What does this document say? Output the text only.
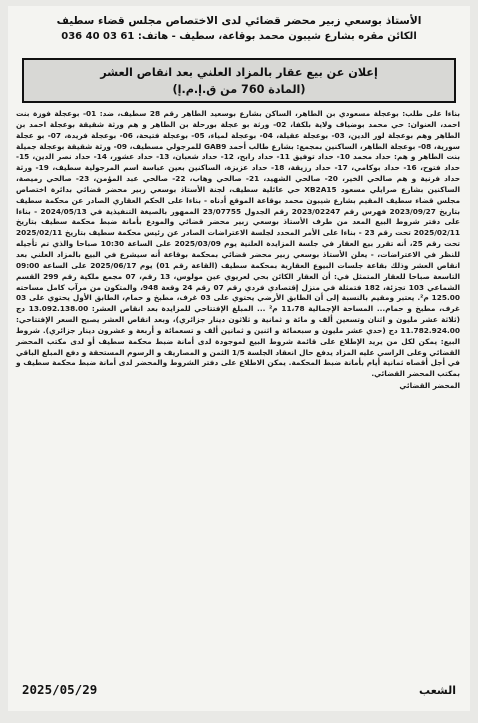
الأستاذ بوسعي زبير محضر قضائي لدى الاختصاص مجلس قضاء سطيف
الكائن مقره بشارع شيبون محمد بوقاعة، سطيف - هاتف: 61 03 40 036
إعلان عن بيع عقار بالمزاد العلني بعد انقاص العشر
(المادة 760 من ق.إ.م.إ)

بناءا على طلب: بوعجلة مسعودي بن الطاهر، الساكن بشارع بوسعيد الطاهر رقم 28 سطيف، ضد: 01- بوعجلة فوزة بنت احمد، العنوان: حي محمد بوضياف ولاية بلكفا، 02- ورثة بو عجلة بورحلة بن الطاهر و هم ورثة شقيقة بوعجلة احمد بن الطاهر وهم بوعجلة لور الدين، 03- بوعجلة عقيلة، 04- بوعجلة لمياء، 05- بوعجلة فتيحة، 06- بوعجلة فريدة، 07- بو عجلة سورية، 08- بوعجلة الطاهر، الساكنين بمجمع: بشارع طالب أحمد GAB9 للمرجولي مسطيف، 09- ورثة شقيقة بوعجلة جميلة بنت الطاهر و هم: حداد محمد 10- حداد توفيق 11- حداد رابح، 12- حداد شعبان، 13- حداد عشور، 14- حداد نصر الدين، 15- حداد فتوح، 16- حداد بوكامي، 17- حداد رزيقة، 18- حداد عزيزة، الساكنين بعين عباسة اسم المرجولية سطيف، 19- ورثة حداد فرنية و هم صالحي الخير، 20- صالحي الشهيد، 21- صالحي وهاب، 22- صالحي عبد المؤمن، 23- صالحي رميصة، الساكنين بشارع صرايلي مسعود XB2A15 حي عائلية سطيف، لجنة الأستاذ بوسعي زبير محضر قضائي بدائرة اختصاص مجلس قضاء سطيف المقيم بشارع شيبون محمد بوقاعة الموقع أدناه - بناءا على الحكم العقاري الصادر عن محكمة سطيف بتاريخ 2023/09/27 فهرس رقم 2023/02247 رقم الجدول 23/07755 الممهور بالصيغة التنفيذية في 2024/05/13 - بناءا على دفتر شروط البيع المعد من طرف الأستاذ بوسعي زبير محضر قضائي والمودع بأمانة ضبط محكمة سطيف بتاريخ 2025/02/11 تحت رقم 23 - بناءا على الأمر المحدد لجلسة الاعتراضات الصادر عن رئيس محكمة سطيف بتاريخ 2025/02/11 تحت رقم 25، أنه تقرر بيع العقار في جلسة المزايدة العلنية يوم 2025/03/09 على الساعة 10:30 صباحا والذي تم تأجيله للنظر في الاعتراضات، - يعلن الأستاذ بوسعي زبير محضر قضائي بمحكمة بوقاعة أنه سيشرع في البيع بالمزاد العلني بعد انقاص العشر وذلك بقاعة جلسات البيوع العقارية بمحكمة سطيف (القاعة رقم 01) يوم 2025/06/17 على الساعة 09:00 التاسعة صباحا للعقار المتمثل في: أن العقار الكائن بحي لعريوي عين مولوس، 13 رقم، 07 مجمع ملكية رقم 299 القسم الشماعي 103 تجزئة، 182 فتمثلة في منزل إقتصادي فردي رقم 07 رقم 24 وقعة 948، والمتكون من مرآب كامل مساحته 125.00 م². يعتبر ومقيم بالنسبة إلى أن الطابق الأرضي يحتوي على 03 غرف، مطبخ و حمام، الطابق الأول يحتوي على 03 غرف، مطبخ و حمام... المساحة الإجمالية 11،78 م² ... المبلغ الإفتتاحي للمزايدة بعد انقاص العشر: 13.092.138.00 دج (ثلاثة عشر مليون و اثنان وتسعين ألف و مائة و ثمانية و ثلاثون دينار جزائري)، وبعد انقاص العشر يصبح السعر الإفتتاحي: 11.782.924.00 دج (حدي عشر مليون و سبعمائة و اثنين و ثمانين ألف و تسعمائة و أربعة و عشرون دينار جزائري). شروط البيع: يمكن لكل من يريد الإطلاع على قائمة شروط البيع لموجودة لدى أمانة ضبط محكمة سطيف أو لدى مكتب المحضر القضائي وعلى الراسي عليه المزاد يدفع حال انعقاد الجلسة 1/5 الثمن و المصاريف و الرسوم المستحقة و دفع المبلغ الباقي في أجل أقصاه ثمانية أيام بأمانة ضبط المحكمة. يمكن الاطلاع على دفتر الشروط والمحضر لدى أمانة ضبط محكمة سطيف و بمكتب المحضر القضائي.

المحضر القضائي

2025/05/29	الشعب
